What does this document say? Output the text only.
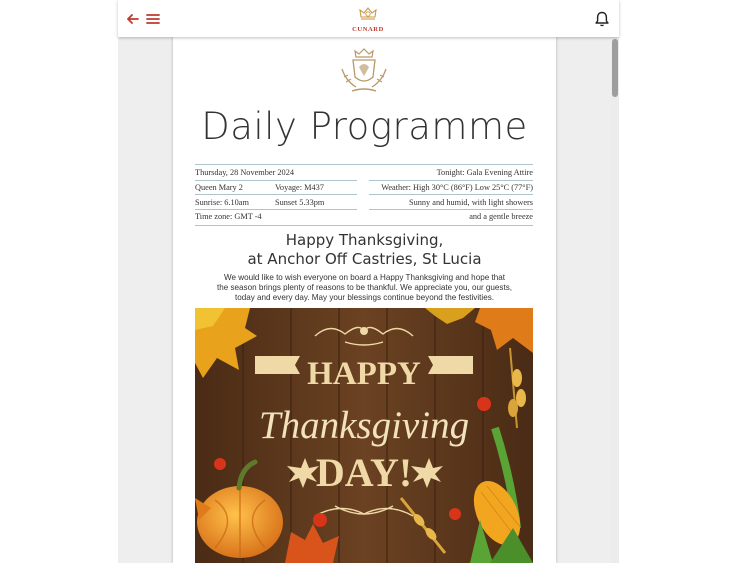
CUNARD
Daily Programme
Thursday, 28 November 2024	Tonight: Gala Evening Attire
Queen Mary 2	Voyage: M437	Weather: High 30°C (86°F) Low 25°C (77°F)
Sunrise: 6.10am	Sunset 5.33pm	Sunny and humid, with light showers
Time zone: GMT -4	and a gentle breeze
Happy Thanksgiving,
at Anchor Off Castries, St Lucia
We would like to wish everyone on board a Happy Thanksgiving and hope that
the season brings plenty of reasons to be thankful. We appreciate you, our guests,
today and every day. May your blessings continue beyond the festivities.
HAPPY
Thanksgiving
DAY!
